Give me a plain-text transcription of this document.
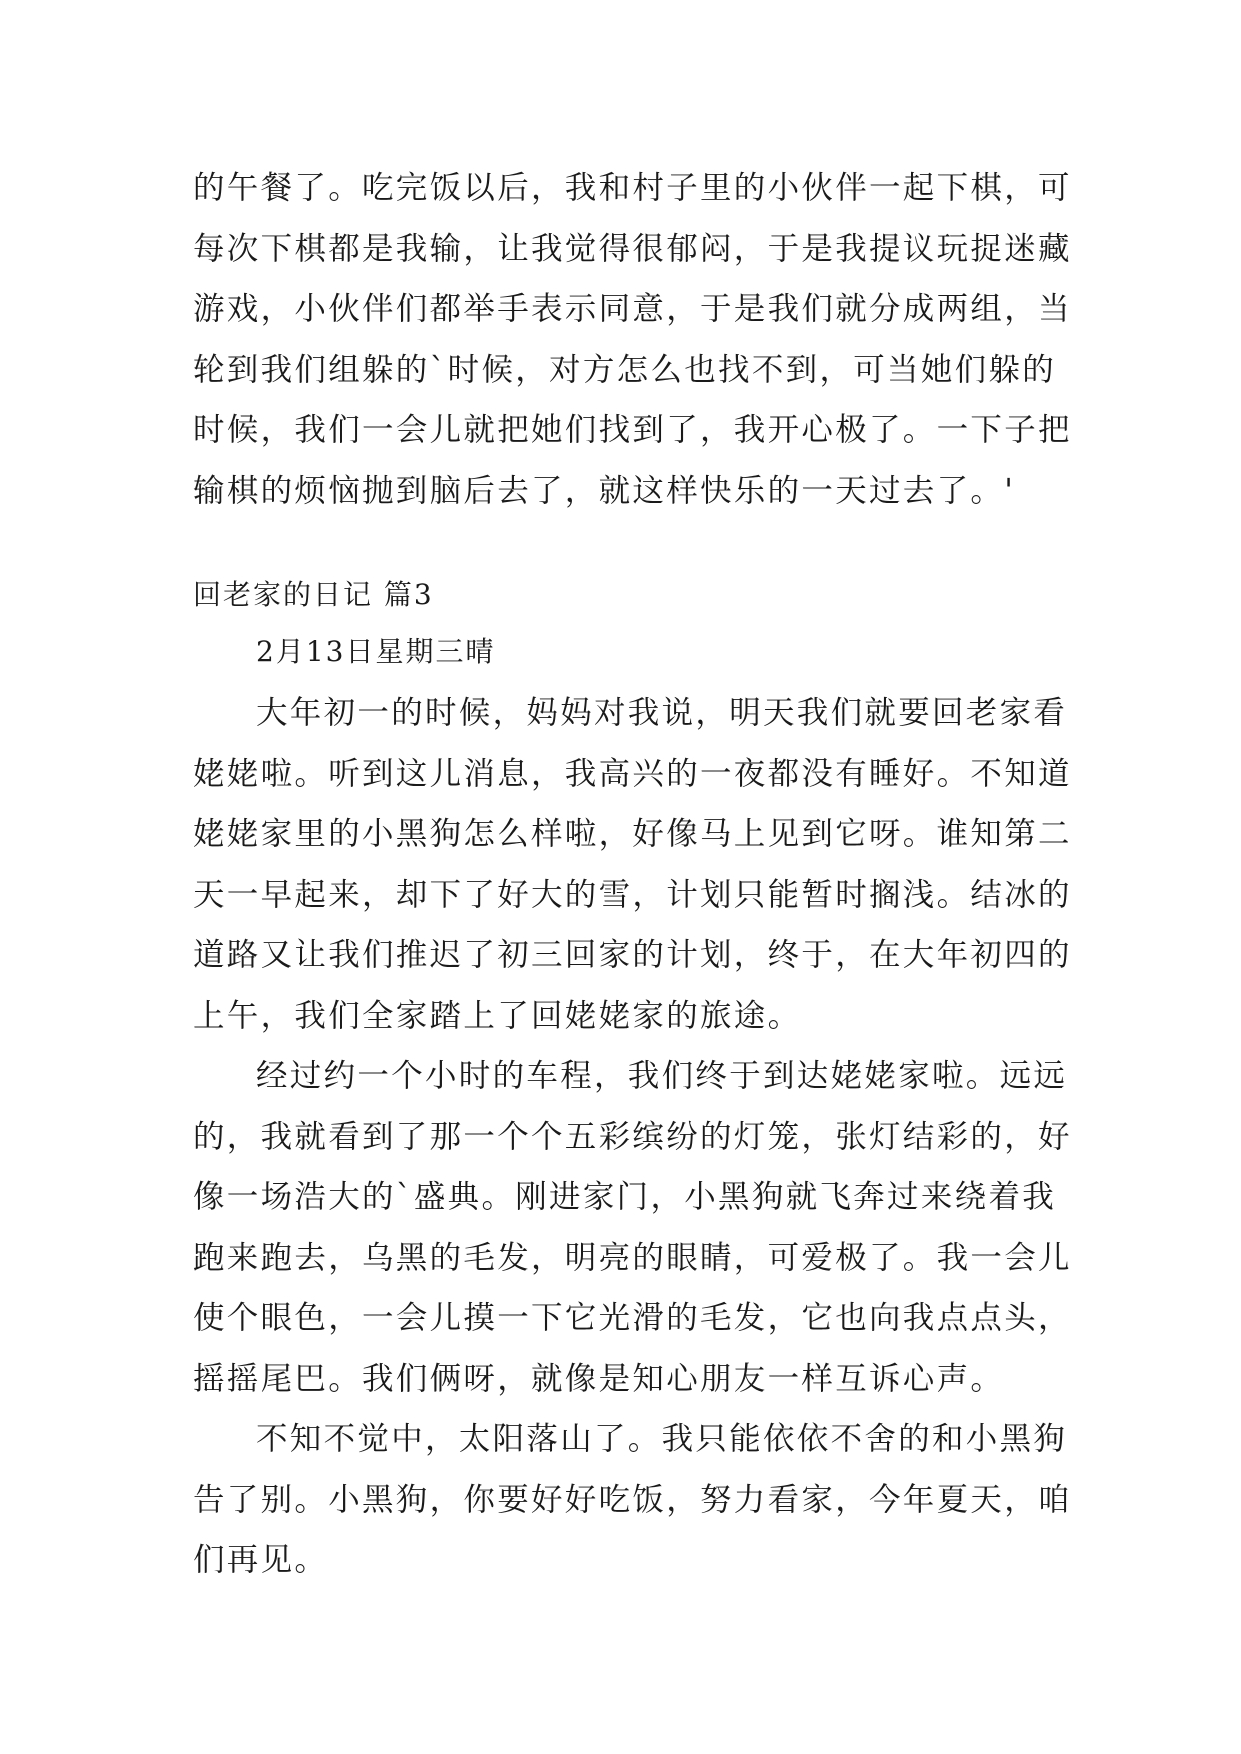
的午餐了。吃完饭以后，我和村子里的小伙伴一起下棋，可
每次下棋都是我输，让我觉得很郁闷，于是我提议玩捉迷藏
游戏，小伙伴们都举手表示同意，于是我们就分成两组，当
轮到我们组躲的`时候，对方怎么也找不到，可当她们躲的
时候，我们一会儿就把她们找到了，我开心极了。一下子把
输棋的烦恼抛到脑后去了，就这样快乐的一天过去了。'
回老家的日记 篇3
2月13日星期三晴
大年初一的时候，妈妈对我说，明天我们就要回老家看
姥姥啦。听到这儿消息，我高兴的一夜都没有睡好。不知道
姥姥家里的小黑狗怎么样啦，好像马上见到它呀。谁知第二
天一早起来，却下了好大的雪，计划只能暂时搁浅。结冰的
道路又让我们推迟了初三回家的计划，终于，在大年初四的
上午，我们全家踏上了回姥姥家的旅途。
经过约一个小时的车程，我们终于到达姥姥家啦。远远
的，我就看到了那一个个五彩缤纷的灯笼，张灯结彩的，好
像一场浩大的`盛典。刚进家门，小黑狗就飞奔过来绕着我
跑来跑去，乌黑的毛发，明亮的眼睛，可爱极了。我一会儿
使个眼色，一会儿摸一下它光滑的毛发，它也向我点点头，
摇摇尾巴。我们俩呀，就像是知心朋友一样互诉心声。
不知不觉中，太阳落山了。我只能依依不舍的和小黑狗
告了别。小黑狗，你要好好吃饭，努力看家，今年夏天，咱
们再见。
